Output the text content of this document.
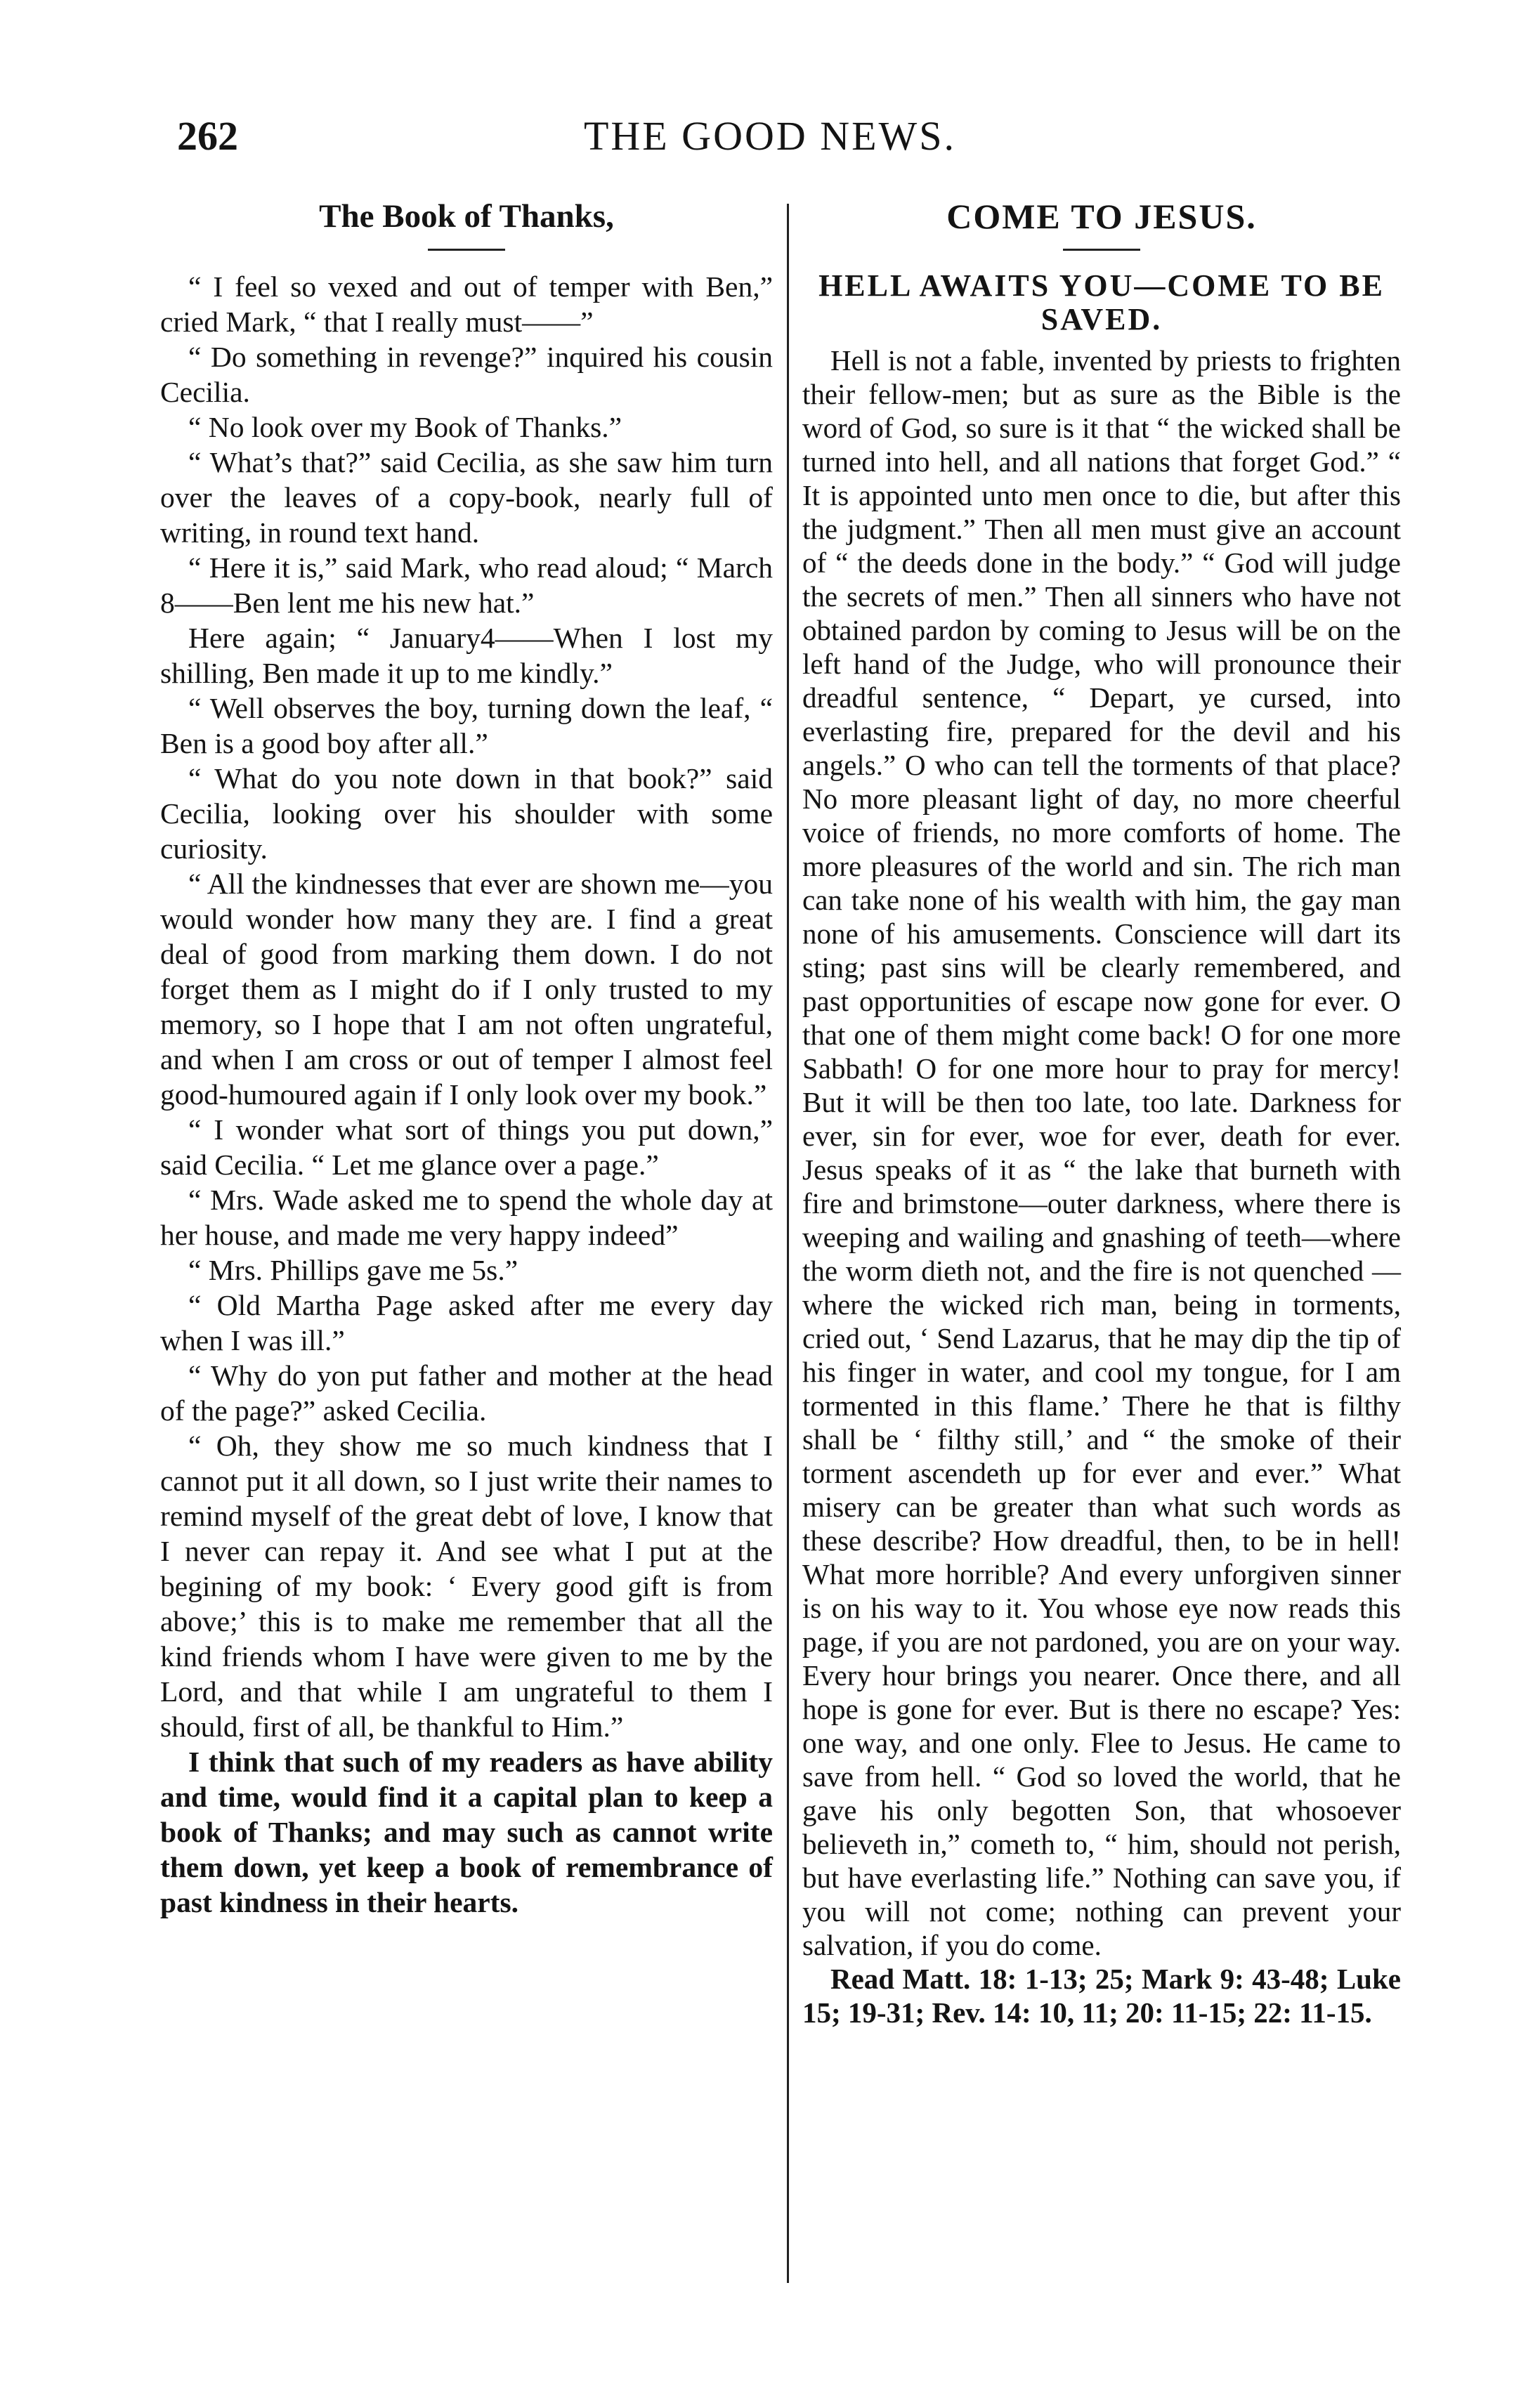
262	THE GOOD NEWS.
The Book of Thanks,

“ I feel so vexed and out of temper with Ben,” cried Mark, “ that I really must——”

“ Do something in revenge?” inquired his cousin Cecilia.

“ No look over my Book of Thanks.”

“ What’s that?” said Cecilia, as she saw him turn over the leaves of a copy-book, nearly full of writing, in round text hand.

“ Here it is,” said Mark, who read aloud; “ March 8——Ben lent me his new hat.”

Here again; “ January4——When I lost my shilling, Ben made it up to me kindly.”

“ Well observes the boy, turning down the leaf, “ Ben is a good boy after all.”

“ What do you note down in that book?” said Cecilia, looking over his shoulder with some curiosity.

“ All the kindnesses that ever are shown me—you would wonder how many they are. I find a great deal of good from marking them down. I do not forget them as I might do if I only trusted to my memory, so I hope that I am not often ungrateful, and when I am cross or out of temper I almost feel good-humoured again if I only look over my book.”

“ I wonder what sort of things you put down,” said Cecilia. “ Let me glance over a page.”

“ Mrs. Wade asked me to spend the whole day at her house, and made me very happy indeed”

“ Mrs. Phillips gave me 5s.”

“ Old Martha Page asked after me every day when I was ill.”

“ Why do yon put father and mother at the head of the page?” asked Cecilia.

“ Oh, they show me so much kindness that I cannot put it all down, so I just write their names to remind myself of the great debt of love, I know that I never can repay it. And see what I put at the begining of my book: ‘ Every good gift is from above;’ this is to make me remember that all the kind friends whom I have were given to me by the Lord, and that while I am ungrateful to them I should, first of all, be thankful to Him.”

I think that such of my readers as have ability and time, would find it a capital plan to keep a book of Thanks; and may such as cannot write them down, yet keep a book of remembrance of past kindness in their hearts.

COME TO JESUS.
HELL AWAITS YOU—COME TO BE SAVED.

Hell is not a fable, invented by priests to frighten their fellow-men; but as sure as the Bible is the word of God, so sure is it that “ the wicked shall be turned into hell, and all nations that forget God.” “ It is appointed unto men once to die, but after this the judgment.” Then all men must give an account of “ the deeds done in the body.” “ God will judge the secrets of men.” Then all sinners who have not obtained pardon by coming to Jesus will be on the left hand of the Judge, who will pronounce their dreadful sentence, “ Depart, ye cursed, into everlasting fire, prepared for the devil and his angels.” O who can tell the torments of that place? No more pleasant light of day, no more cheerful voice of friends, no more comforts of home. The more pleasures of the world and sin. The rich man can take none of his wealth with him, the gay man none of his amusements. Conscience will dart its sting; past sins will be clearly remembered, and past opportunities of escape now gone for ever. O that one of them might come back! O for one more Sabbath! O for one more hour to pray for mercy! But it will be then too late, too late. Darkness for ever, sin for ever, woe for ever, death for ever. Jesus speaks of it as “ the lake that burneth with fire and brimstone—outer darkness, where there is weeping and wailing and gnashing of teeth—where the worm dieth not, and the fire is not quenched —where the wicked rich man, being in torments, cried out, ‘ Send Lazarus, that he may dip the tip of his finger in water, and cool my tongue, for I am tormented in this flame.’ There he that is filthy shall be ‘ filthy still,’ and “ the smoke of their torment ascendeth up for ever and ever.” What misery can be greater than what such words as these describe? How dreadful, then, to be in hell! What more horrible? And every unforgiven sinner is on his way to it. You whose eye now reads this page, if you are not pardoned, you are on your way. Every hour brings you nearer. Once there, and all hope is gone for ever. But is there no escape? Yes: one way, and one only. Flee to Jesus. He came to save from hell. “ God so loved the world, that he gave his only begotten Son, that whosoever believeth in,” cometh to, “ him, should not perish, but have everlasting life.” Nothing can save you, if you will not come; nothing can prevent your salvation, if you do come.

Read Matt. 18: 1-13; 25; Mark 9: 43-48; Luke 15; 19-31; Rev. 14: 10, 11; 20: 11-15; 22: 11-15.
